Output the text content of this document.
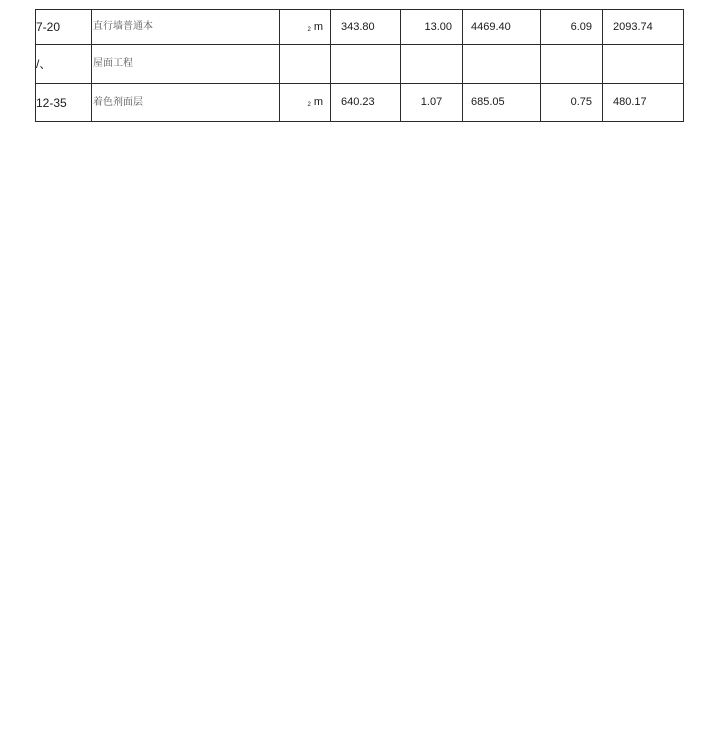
7-20	直行墙普通本	2 m	343.80	13.00	4469.40	6.09	2093.74
/、	屋面工程						
12-35	着色剂面层	2 m	640.23	1.07	685.05	0.75	480.17
